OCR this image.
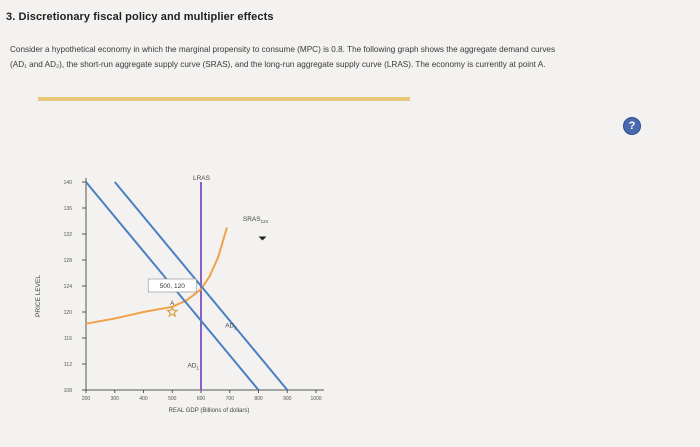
3. Discretionary fiscal policy and multiplier effects
Consider a hypothetical economy in which the marginal propensity to consume (MPC) is 0.8. The following graph shows the aggregate demand curves
(AD₁ and AD₂), the short-run aggregate supply curve (SRAS), and the long-run aggregate supply curve (LRAS). The economy is currently at point A.
?
108
112
116
120
124
128
132
136
140
200	300	400	500	600	700	800	900	1000
REAL GDP (Billions of dollars)
PRICE LEVEL	A
500, 120
LRAS
$SRAS_{124}$
$AD_1$
$AD_2$
